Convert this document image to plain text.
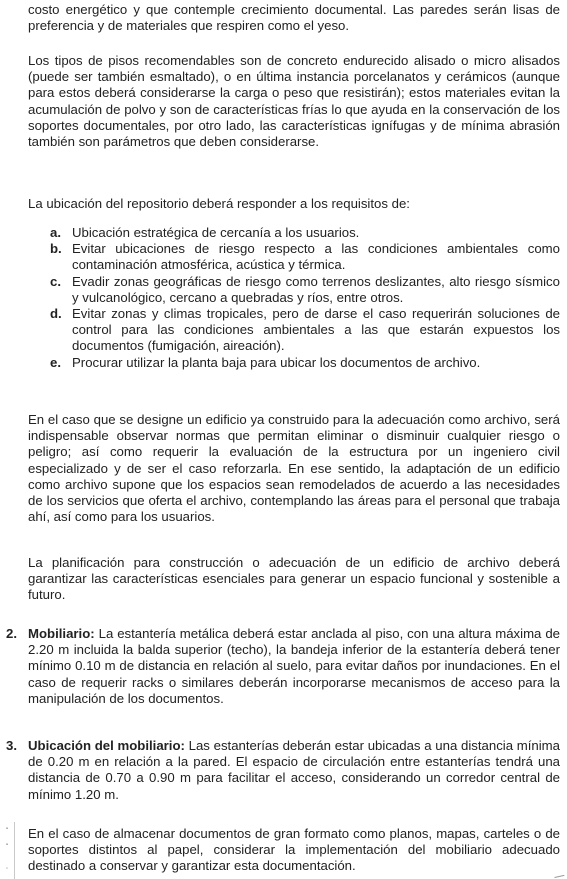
costo energético y que contemple crecimiento documental. Las paredes serán lisas de preferencia y de materiales que respiren como el yeso.

Los tipos de pisos recomendables son de concreto endurecido alisado o micro alisados (puede ser también esmaltado), o en última instancia porcelanatos y cerámicos (aunque para estos deberá considerarse la carga o peso que resistirán); estos materiales evitan la acumulación de polvo y son de características frías lo que ayuda en la conservación de los soportes documentales, por otro lado, las características ignífugas y de mínima abrasión también son parámetros que deben considerarse.

La ubicación del repositorio deberá responder a los requisitos de:

a. Ubicación estratégica de cercanía a los usuarios.
b. Evitar ubicaciones de riesgo respecto a las condiciones ambientales como contaminación atmosférica, acústica y térmica.
c. Evadir zonas geográficas de riesgo como terrenos deslizantes, alto riesgo sísmico y vulcanológico, cercano a quebradas y ríos, entre otros.
d. Evitar zonas y climas tropicales, pero de darse el caso requerirán soluciones de control para las condiciones ambientales a las que estarán expuestos los documentos (fumigación, aireación).
e. Procurar utilizar la planta baja para ubicar los documentos de archivo.

En el caso que se designe un edificio ya construido para la adecuación como archivo, será indispensable observar normas que permitan eliminar o disminuir cualquier riesgo o peligro; así como requerir la evaluación de la estructura por un ingeniero civil especializado y de ser el caso reforzarla. En ese sentido, la adaptación de un edificio como archivo supone que los espacios sean remodelados de acuerdo a las necesidades de los servicios que oferta el archivo, contemplando las áreas para el personal que trabaja ahí, así como para los usuarios.

La planificación para construcción o adecuación de un edificio de archivo deberá garantizar las características esenciales para generar un espacio funcional y sostenible a futuro.

2. Mobiliario: La estantería metálica deberá estar anclada al piso, con una altura máxima de 2.20 m incluida la balda superior (techo), la bandeja inferior de la estantería deberá tener mínimo 0.10 m de distancia en relación al suelo, para evitar daños por inundaciones. En el caso de requerir racks o similares deberán incorporarse mecanismos de acceso para la manipulación de los documentos.
3. Ubicación del mobiliario: Las estanterías deberán estar ubicadas a una distancia mínima de 0.20 m en relación a la pared. El espacio de circulación entre estanterías tendrá una distancia de 0.70 a 0.90 m para facilitar el acceso, considerando un corredor central de mínimo 1.20 m.

En el caso de almacenar documentos de gran formato como planos, mapas, carteles o de soportes distintos al papel, considerar la implementación del mobiliario adecuado destinado a conservar y garantizar esta documentación.

▪
▪
▫
